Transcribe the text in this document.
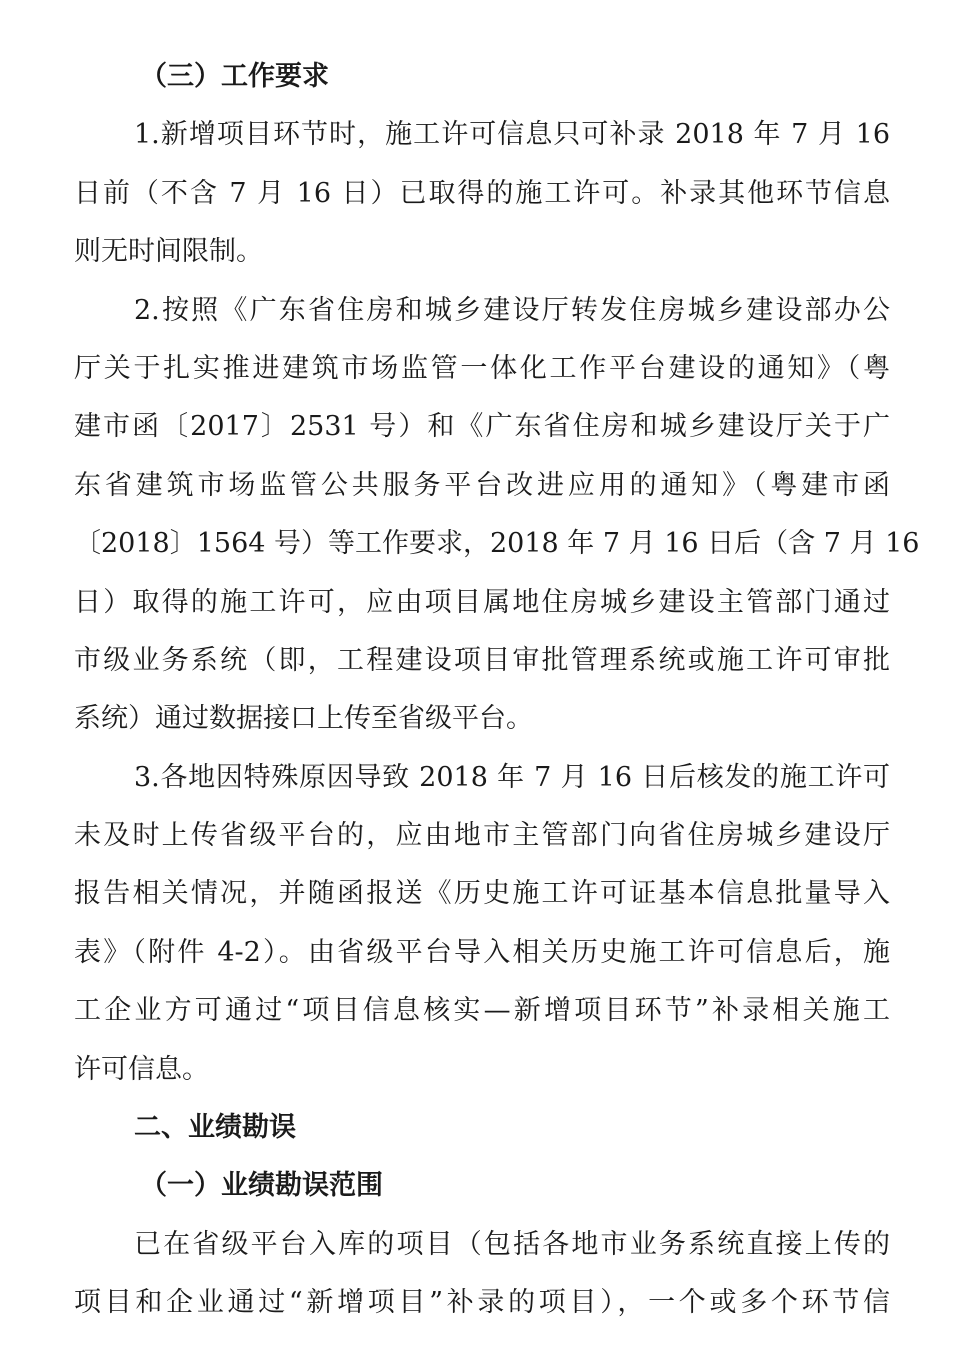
（三）工作要求
1.新增项目环节时，施工许可信息只可补录 2018 年 7 月 16
日前（不含 7 月 16 日）已取得的施工许可。补录其他环节信息
则无时间限制。
2.按照《广东省住房和城乡建设厅转发住房城乡建设部办公
厅关于扎实推进建筑市场监管一体化工作平台建设的通知》（粤
建市函〔2017〕2531 号）和《广东省住房和城乡建设厅关于广
东省建筑市场监管公共服务平台改进应用的通知》（粤建市函
〔2018〕1564 号）等工作要求，2018 年 7 月 16 日后（含 7 月 16
日）取得的施工许可，应由项目属地住房城乡建设主管部门通过
市级业务系统（即，工程建设项目审批管理系统或施工许可审批
系统）通过数据接口上传至省级平台。
3.各地因特殊原因导致 2018 年 7 月 16 日后核发的施工许可
未及时上传省级平台的，应由地市主管部门向省住房城乡建设厅
报告相关情况，并随函报送《历史施工许可证基本信息批量导入
表》（附件 4-2）。由省级平台导入相关历史施工许可信息后，施
工企业方可通过“项目信息核实—新增项目环节”补录相关施工
许可信息。
二、业绩勘误
（一）业绩勘误范围
已在省级平台入库的项目（包括各地市业务系统直接上传的
项目和企业通过“新增项目”补录的项目），一个或多个环节信
